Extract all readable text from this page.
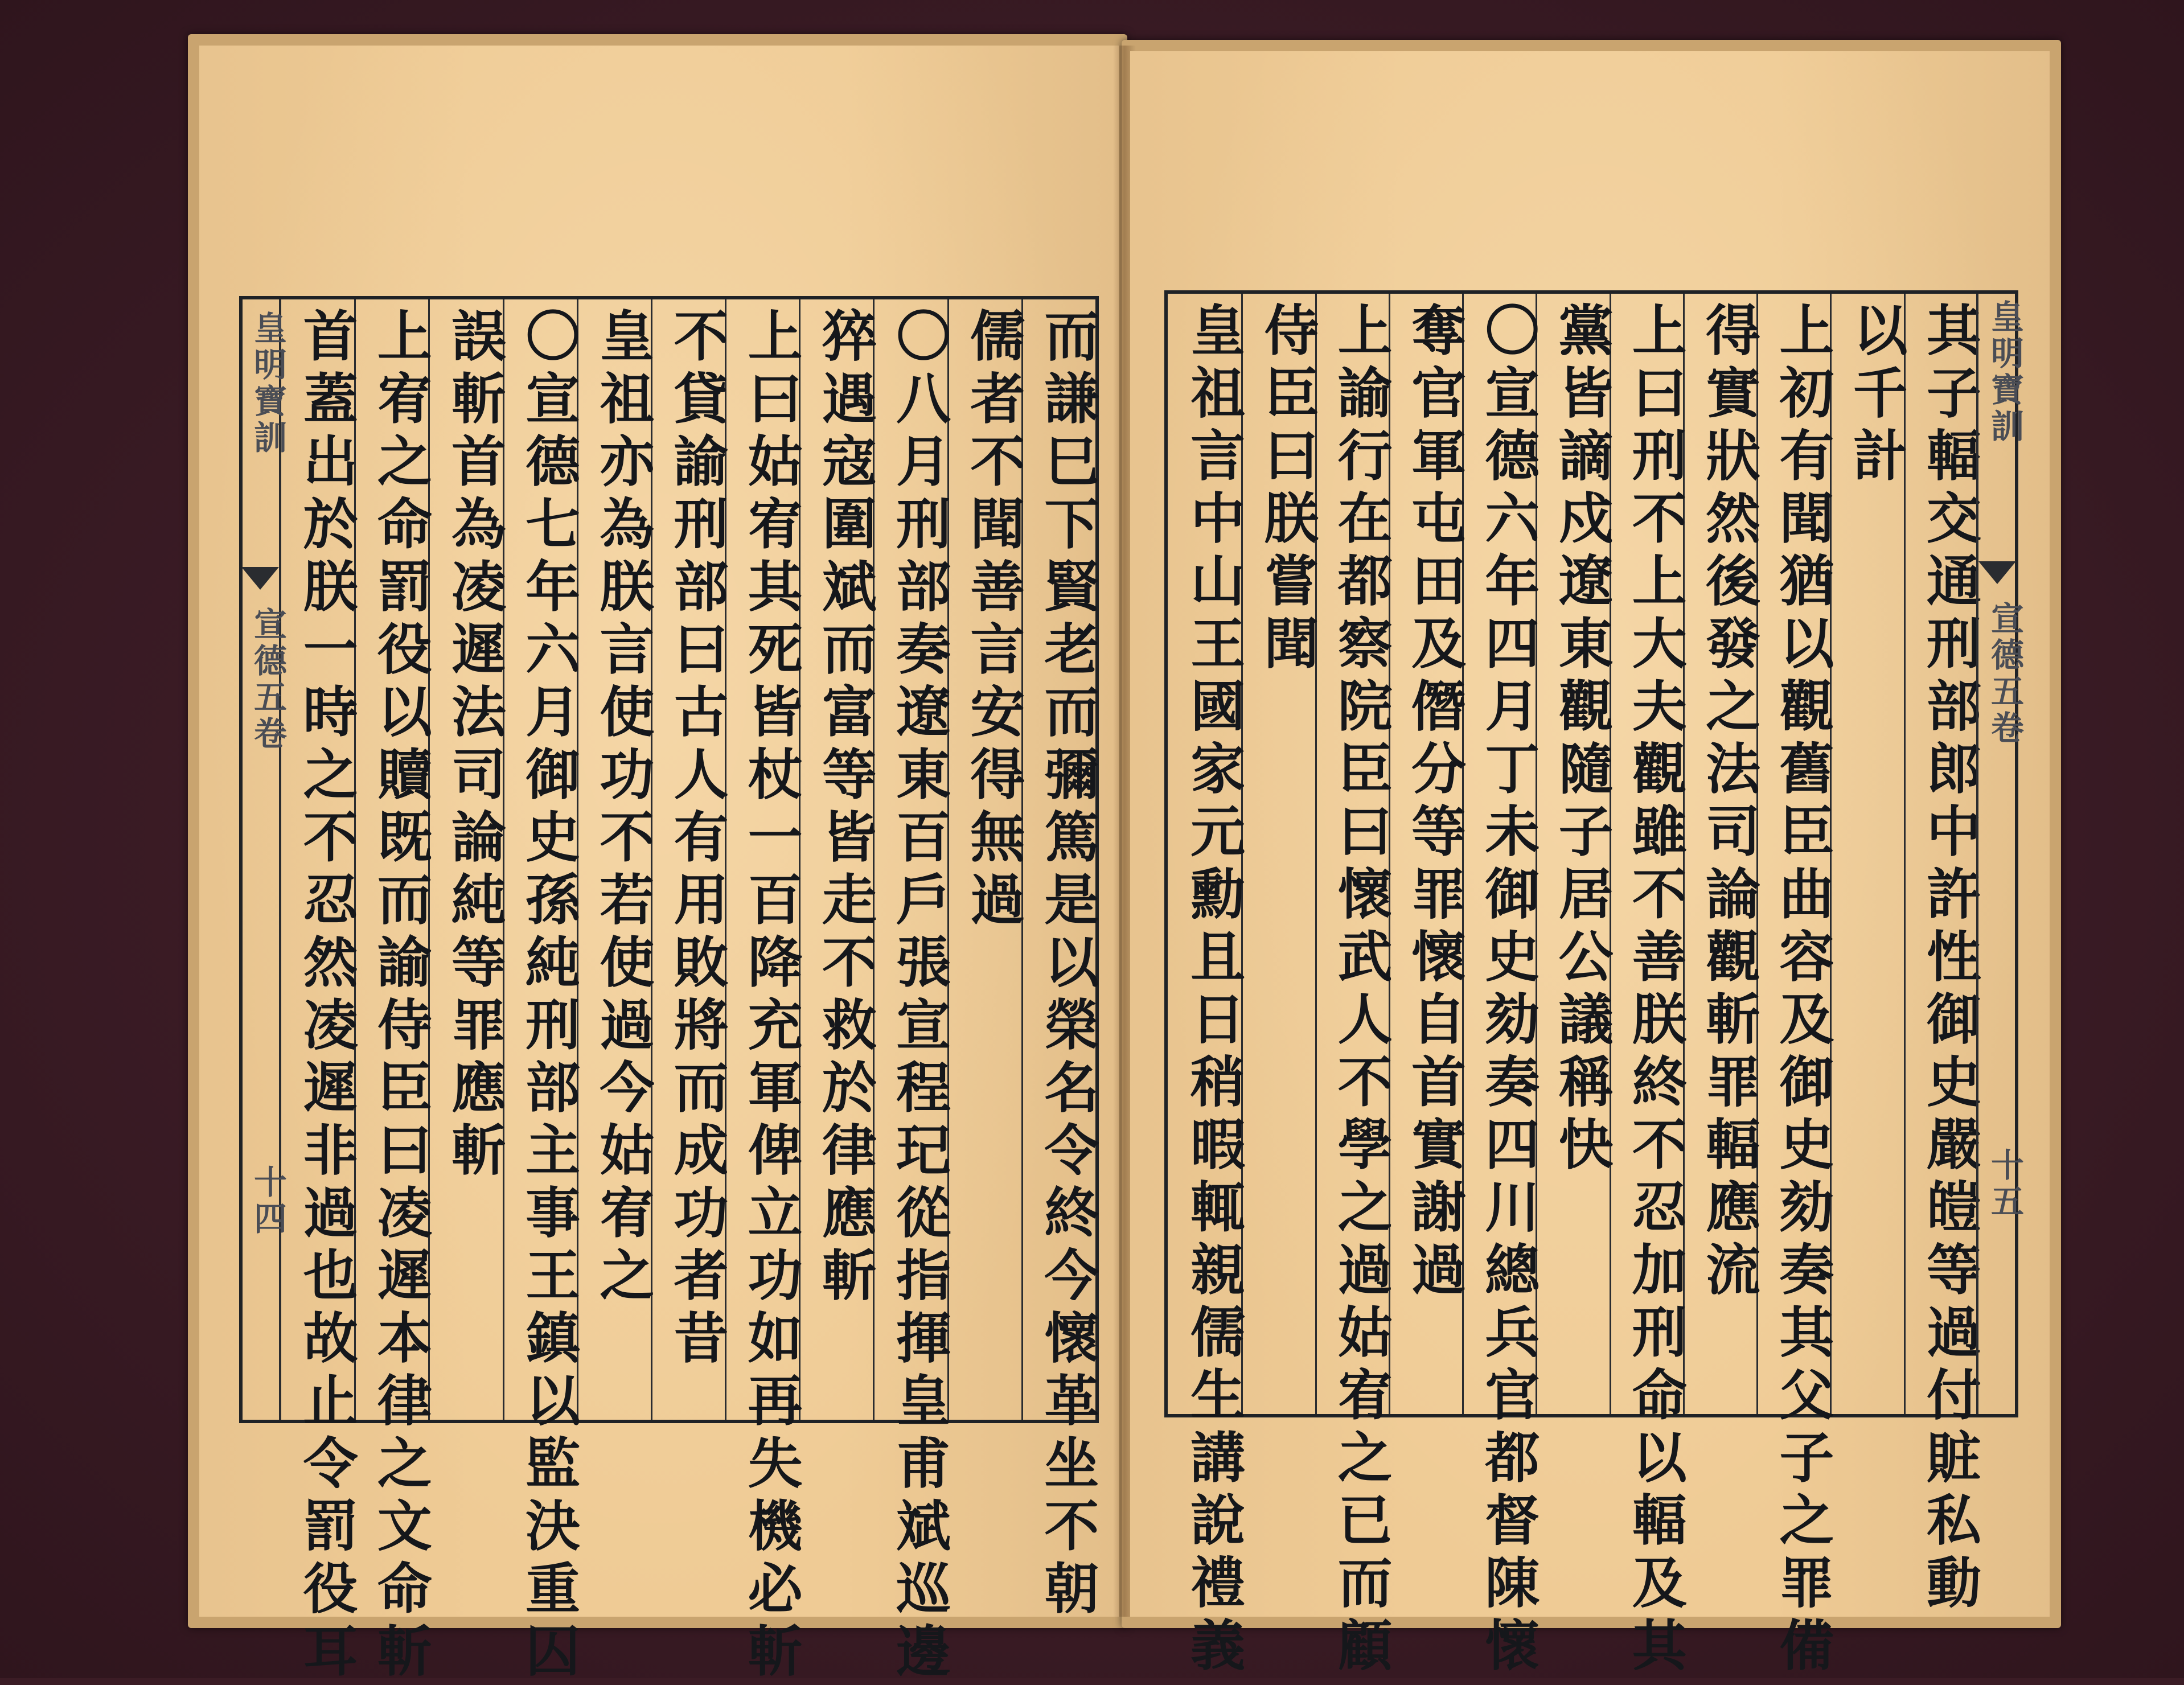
皇明寶訓
宣德五卷
十四	而謙巳下賢老而彌篤是以榮名令終今懷革坐不朝
儒者不聞善言安得無過
〇八月刑部奏遼東百戶張宣程玘從指揮皇甫斌巡邊
猝遇寇圍斌而富等皆走不救於律應斬
上曰姑宥其死皆杖一百降充軍俾立功如再失機必斬
不貸諭刑部曰古人有用敗將而成功者昔
皇祖亦為朕言使功不若使過今姑宥之
〇宣德七年六月御史孫純刑部主事王鎮以監決重囚
誤斬首為凌遲法司論純等罪應斬
上宥之命罰役以贖既而諭侍臣曰凌遲本律之文命斬
首蓋出於朕一時之不忍然凌遲非過也故止令罰役耳	其子輻交通刑部郎中許性御史嚴皚等過付賍私動
以千計
上初有聞猶以觀舊臣曲容及御史劾奏其父子之罪備
得實狀然後發之法司論觀斬罪輻應流
上曰刑不上大夫觀雖不善朕終不忍加刑命以輻及其
黨皆謫戍遼東觀隨子居公議稱快
〇宣德六年四月丁未御史劾奏四川總兵官都督陳懷
奪官軍屯田及僭分等罪懷自首實謝過
上諭行在都察院臣曰懷武人不學之過姑宥之已而顧
侍臣曰朕嘗聞
皇祖言中山王國家元勳且日稍暇輒親儒生講說禮義	皇明寶訓
宣德五卷
十五
